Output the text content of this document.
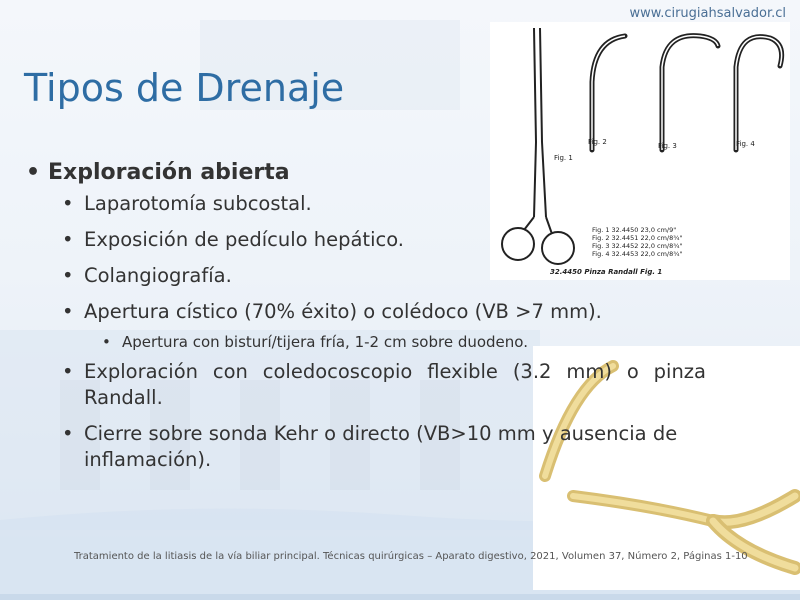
www.cirugiahsalvador.cl
Fig. 1
Fig. 2	Fig. 3	Fig. 4
Fig. 1 32.4450 23,0 cm/9"
Fig. 2 32.4451 22,0 cm/8¾"
Fig. 3 32.4452 22,0 cm/8¾"
Fig. 4 32.4453 22,0 cm/8¾"
32.4450 Pinza Randall Fig. 1
Tipos de Drenaje
• Exploración abierta
• Laparotomía subcostal.
• Exposición de pedículo hepático.
• Colangiografía.
• Apertura cístico (70% éxito) o colédoco (VB >7 mm).
• Apertura con bisturí/tijera fría, 1-2 cm sobre duodeno.
• Exploración con coledocoscopio flexible (3.2 mm) o pinza Randall.
• Cierre sobre sonda Kehr o directo (VB>10 mm y ausencia de inflamación).
Tratamiento de la litiasis de la vía biliar principal. Técnicas quirúrgicas – Aparato digestivo, 2021, Volumen 37, Número 2, Páginas 1-10
